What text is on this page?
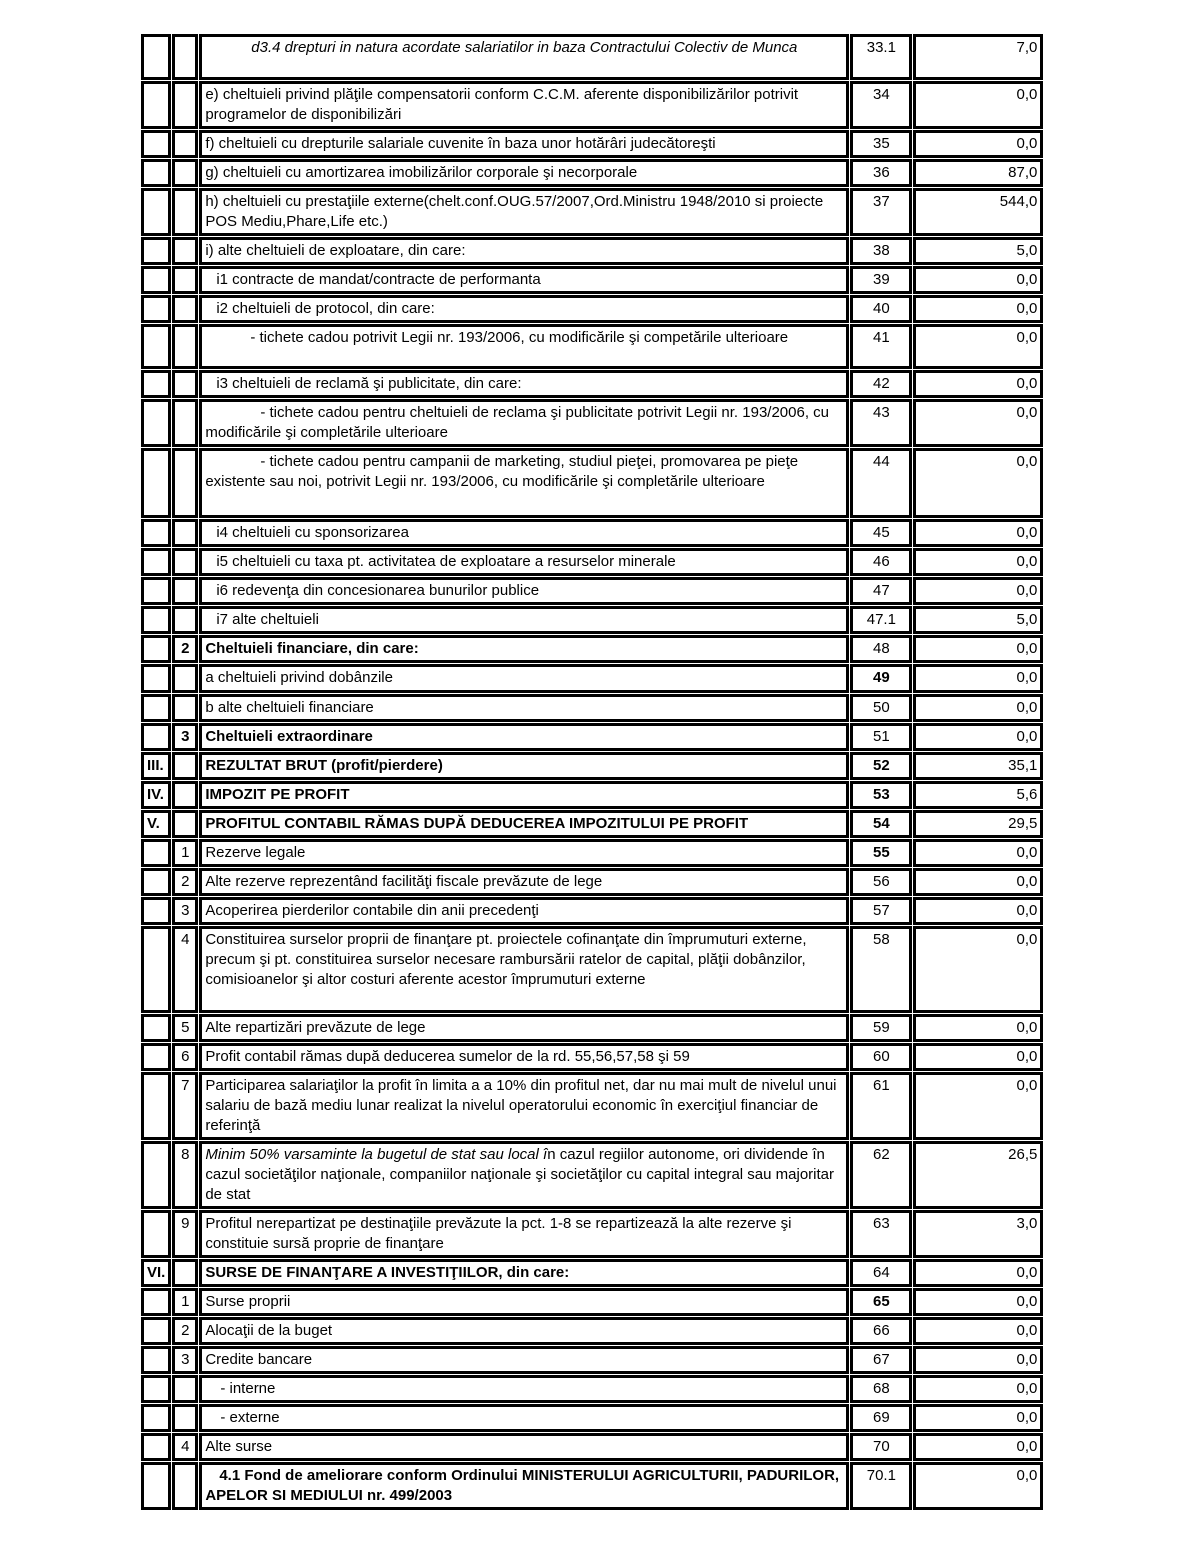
		d3.4 drepturi in natura acordate salariatilor in baza Contractului Colectiv de Munca	33.1	7,0
		e) cheltuieli privind plăţile compensatorii conform C.C.M. aferente disponibilizărilor potrivit programelor de disponibilizări	34	0,0
		f) cheltuieli cu drepturile salariale cuvenite în baza unor hotărâri judecătoreşti	35	0,0
		g) cheltuieli cu amortizarea imobilizărilor corporale şi necorporale	36	87,0
		h) cheltuieli cu prestaţiile externe(chelt.conf.OUG.57/2007,Ord.Ministru 1948/2010 si proiecte POS Mediu,Phare,Life etc.)	37	544,0
		i) alte cheltuieli de exploatare, din care:	38	5,0
		i1 contracte de mandat/contracte de performanta	39	0,0
		i2 cheltuieli de protocol, din care:	40	0,0
		- tichete cadou potrivit Legii nr. 193/2006, cu modificările şi competările ulterioare	41	0,0
		i3 cheltuieli de reclamă şi publicitate, din care:	42	0,0
		- tichete cadou pentru cheltuieli de reclama şi publicitate potrivit Legii nr. 193/2006, cu modificările şi completările ulterioare	43	0,0
		- tichete cadou pentru campanii de marketing, studiul pieţei, promovarea pe pieţe existente sau noi, potrivit Legii nr. 193/2006, cu modificările şi completările ulterioare	44	0,0
		i4 cheltuieli cu sponsorizarea	45	0,0
		i5 cheltuieli cu taxa pt. activitatea de exploatare a resurselor minerale	46	0,0
		i6 redevenţa din concesionarea bunurilor publice	47	0,0
		i7 alte cheltuieli	47.1	5,0
	2	Cheltuieli financiare, din care:	48	0,0
		a cheltuieli privind dobânzile	49	0,0
		b alte cheltuieli financiare	50	0,0
	3	Cheltuieli extraordinare	51	0,0
III.		REZULTAT BRUT (profit/pierdere)	52	35,1
IV.		IMPOZIT PE PROFIT	53	5,6
V.		PROFITUL CONTABIL RĂMAS DUPĂ DEDUCEREA IMPOZITULUI PE PROFIT	54	29,5
	1	Rezerve legale	55	0,0
	2	Alte rezerve reprezentând facilităţi fiscale prevăzute de lege	56	0,0
	3	Acoperirea pierderilor contabile din anii precedenţi	57	0,0
	4	Constituirea surselor proprii de finanţare pt. proiectele cofinanţate din împrumuturi externe, precum şi pt. constituirea surselor necesare rambursării ratelor de capital, plăţii dobânzilor, comisioanelor şi altor costuri aferente acestor împrumuturi externe	58	0,0
	5	Alte repartizări prevăzute de lege	59	0,0
	6	Profit contabil rămas după deducerea sumelor de la rd. 55,56,57,58 şi 59	60	0,0
	7	Participarea salariaţilor la profit în limita a a 10% din profitul net, dar nu mai mult de nivelul unui salariu de bază mediu lunar realizat la nivelul operatorului economic în exerciţiul financiar de referinţă	61	0,0
	8	Minim 50% varsaminte la bugetul de stat sau local în cazul regiilor autonome, ori dividende în cazul societăţilor naţionale, companiilor naţionale şi societăţilor cu capital integral sau majoritar de stat	62	26,5
	9	Profitul nerepartizat pe destinaţiile prevăzute la pct. 1-8 se repartizează la alte rezerve şi constituie sursă proprie de finanţare	63	3,0
VI.		SURSE DE FINANŢARE A INVESTIŢIILOR, din care:	64	0,0
	1	Surse proprii	65	0,0
	2	Alocaţii de la buget	66	0,0
	3	Credite bancare	67	0,0
		- interne	68	0,0
		- externe	69	0,0
	4	Alte surse	70	0,0
		4.1 Fond de ameliorare conform Ordinului MINISTERULUI AGRICULTURII, PADURILOR, APELOR SI MEDIULUI nr. 499/2003	70.1	0,0
